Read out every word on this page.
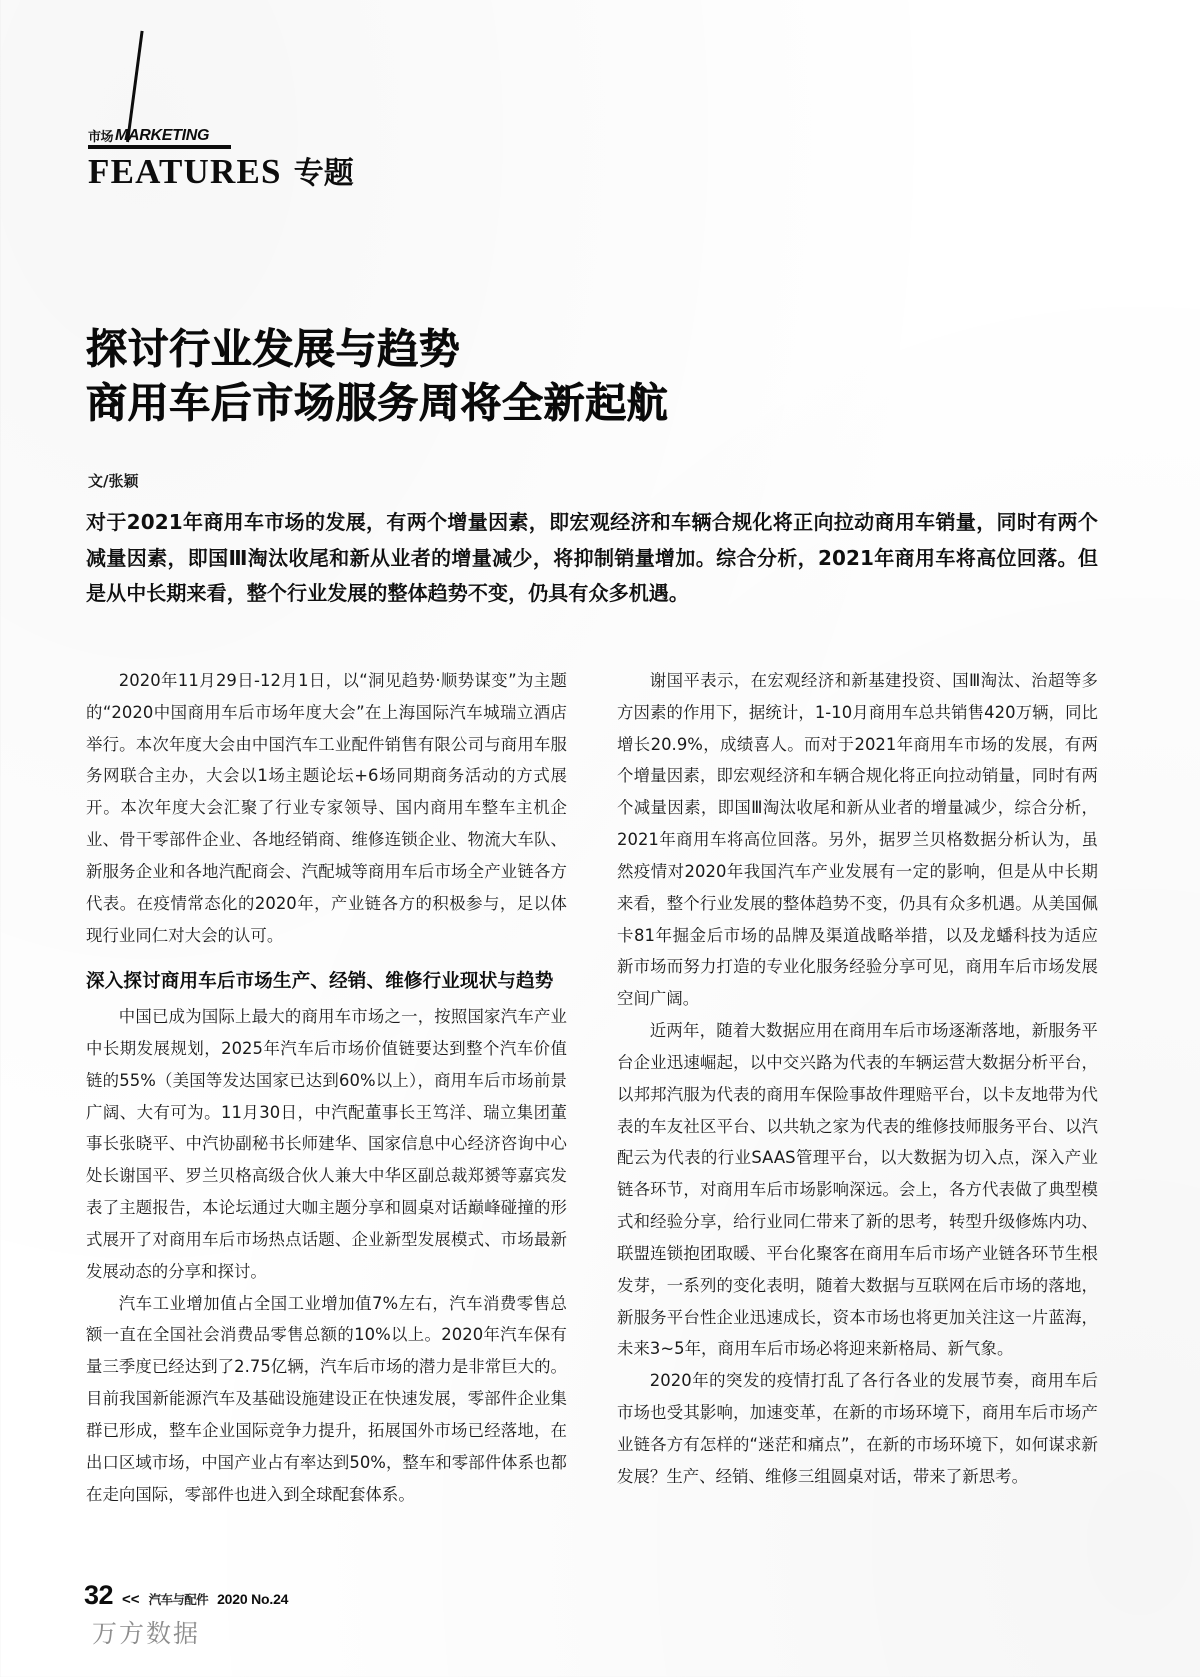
市场 MARKETING
FEATURES 专题
探讨行业发展与趋势
商用车后市场服务周将全新起航
文/张颖
对于2021年商用车市场的发展，有两个增量因素，即宏观经济和车辆合规化将正向拉动商用车销量，同时有两个减量因素，即国Ⅲ淘汰收尾和新从业者的增量减少，将抑制销量增加。综合分析，2021年商用车将高位回落。但是从中长期来看，整个行业发展的整体趋势不变，仍具有众多机遇。

2020年11月29日-12月1日，以“洞见趋势·顺势谋变”为主题的“2020中国商用车后市场年度大会”在上海国际汽车城瑞立酒店举行。本次年度大会由中国汽车工业配件销售有限公司与商用车服务网联合主办，大会以1场主题论坛+6场同期商务活动的方式展开。本次年度大会汇聚了行业专家领导、国内商用车整车主机企业、骨干零部件企业、各地经销商、维修连锁企业、物流大车队、新服务企业和各地汽配商会、汽配城等商用车后市场全产业链各方代表。在疫情常态化的2020年，产业链各方的积极参与，足以体现行业同仁对大会的认可。

深入探讨商用车后市场生产、经销、维修行业现状与趋势

中国已成为国际上最大的商用车市场之一，按照国家汽车产业中长期发展规划，2025年汽车后市场价值链要达到整个汽车价值链的55%（美国等发达国家已达到60%以上），商用车后市场前景广阔、大有可为。11月30日，中汽配董事长王笃洋、瑞立集团董事长张晓平、中汽协副秘书长师建华、国家信息中心经济咨询中心处长谢国平、罗兰贝格高级合伙人兼大中华区副总裁郑赟等嘉宾发表了主题报告，本论坛通过大咖主题分享和圆桌对话巅峰碰撞的形式展开了对商用车后市场热点话题、企业新型发展模式、市场最新发展动态的分享和探讨。

汽车工业增加值占全国工业增加值7%左右，汽车消费零售总额一直在全国社会消费品零售总额的10%以上。2020年汽车保有量三季度已经达到了2.75亿辆，汽车后市场的潜力是非常巨大的。目前我国新能源汽车及基础设施建设正在快速发展，零部件企业集群已形成，整车企业国际竞争力提升，拓展国外市场已经落地，在出口区域市场，中国产业占有率达到50%，整车和零部件体系也都在走向国际，零部件也进入到全球配套体系。

谢国平表示，在宏观经济和新基建投资、国Ⅲ淘汰、治超等多方因素的作用下，据统计，1-10月商用车总共销售420万辆，同比增长20.9%，成绩喜人。而对于2021年商用车市场的发展，有两个增量因素，即宏观经济和车辆合规化将正向拉动销量，同时有两个减量因素，即国Ⅲ淘汰收尾和新从业者的增量减少，综合分析，2021年商用车将高位回落。另外，据罗兰贝格数据分析认为，虽然疫情对2020年我国汽车产业发展有一定的影响，但是从中长期来看，整个行业发展的整体趋势不变，仍具有众多机遇。从美国佩卡81年掘金后市场的品牌及渠道战略举措，以及龙蟠科技为适应新市场而努力打造的专业化服务经验分享可见，商用车后市场发展空间广阔。

近两年，随着大数据应用在商用车后市场逐渐落地，新服务平台企业迅速崛起，以中交兴路为代表的车辆运营大数据分析平台，以邦邦汽服为代表的商用车保险事故件理赔平台，以卡友地带为代表的车友社区平台、以共轨之家为代表的维修技师服务平台、以汽配云为代表的行业SAAS管理平台，以大数据为切入点，深入产业链各环节，对商用车后市场影响深远。会上，各方代表做了典型模式和经验分享，给行业同仁带来了新的思考，转型升级修炼内功、联盟连锁抱团取暖、平台化聚客在商用车后市场产业链各环节生根发芽，一系列的变化表明，随着大数据与互联网在后市场的落地，新服务平台性企业迅速成长，资本市场也将更加关注这一片蓝海，未来3~5年，商用车后市场必将迎来新格局、新气象。

2020年的突发的疫情打乱了各行各业的发展节奏，商用车后市场也受其影响，加速变革，在新的市场环境下，商用车后市场产业链各方有怎样的“迷茫和痛点”，在新的市场环境下，如何谋求新发展？生产、经销、维修三组圆桌对话，带来了新思考。

32 << 汽车与配件 2020 No.24
万方数据
